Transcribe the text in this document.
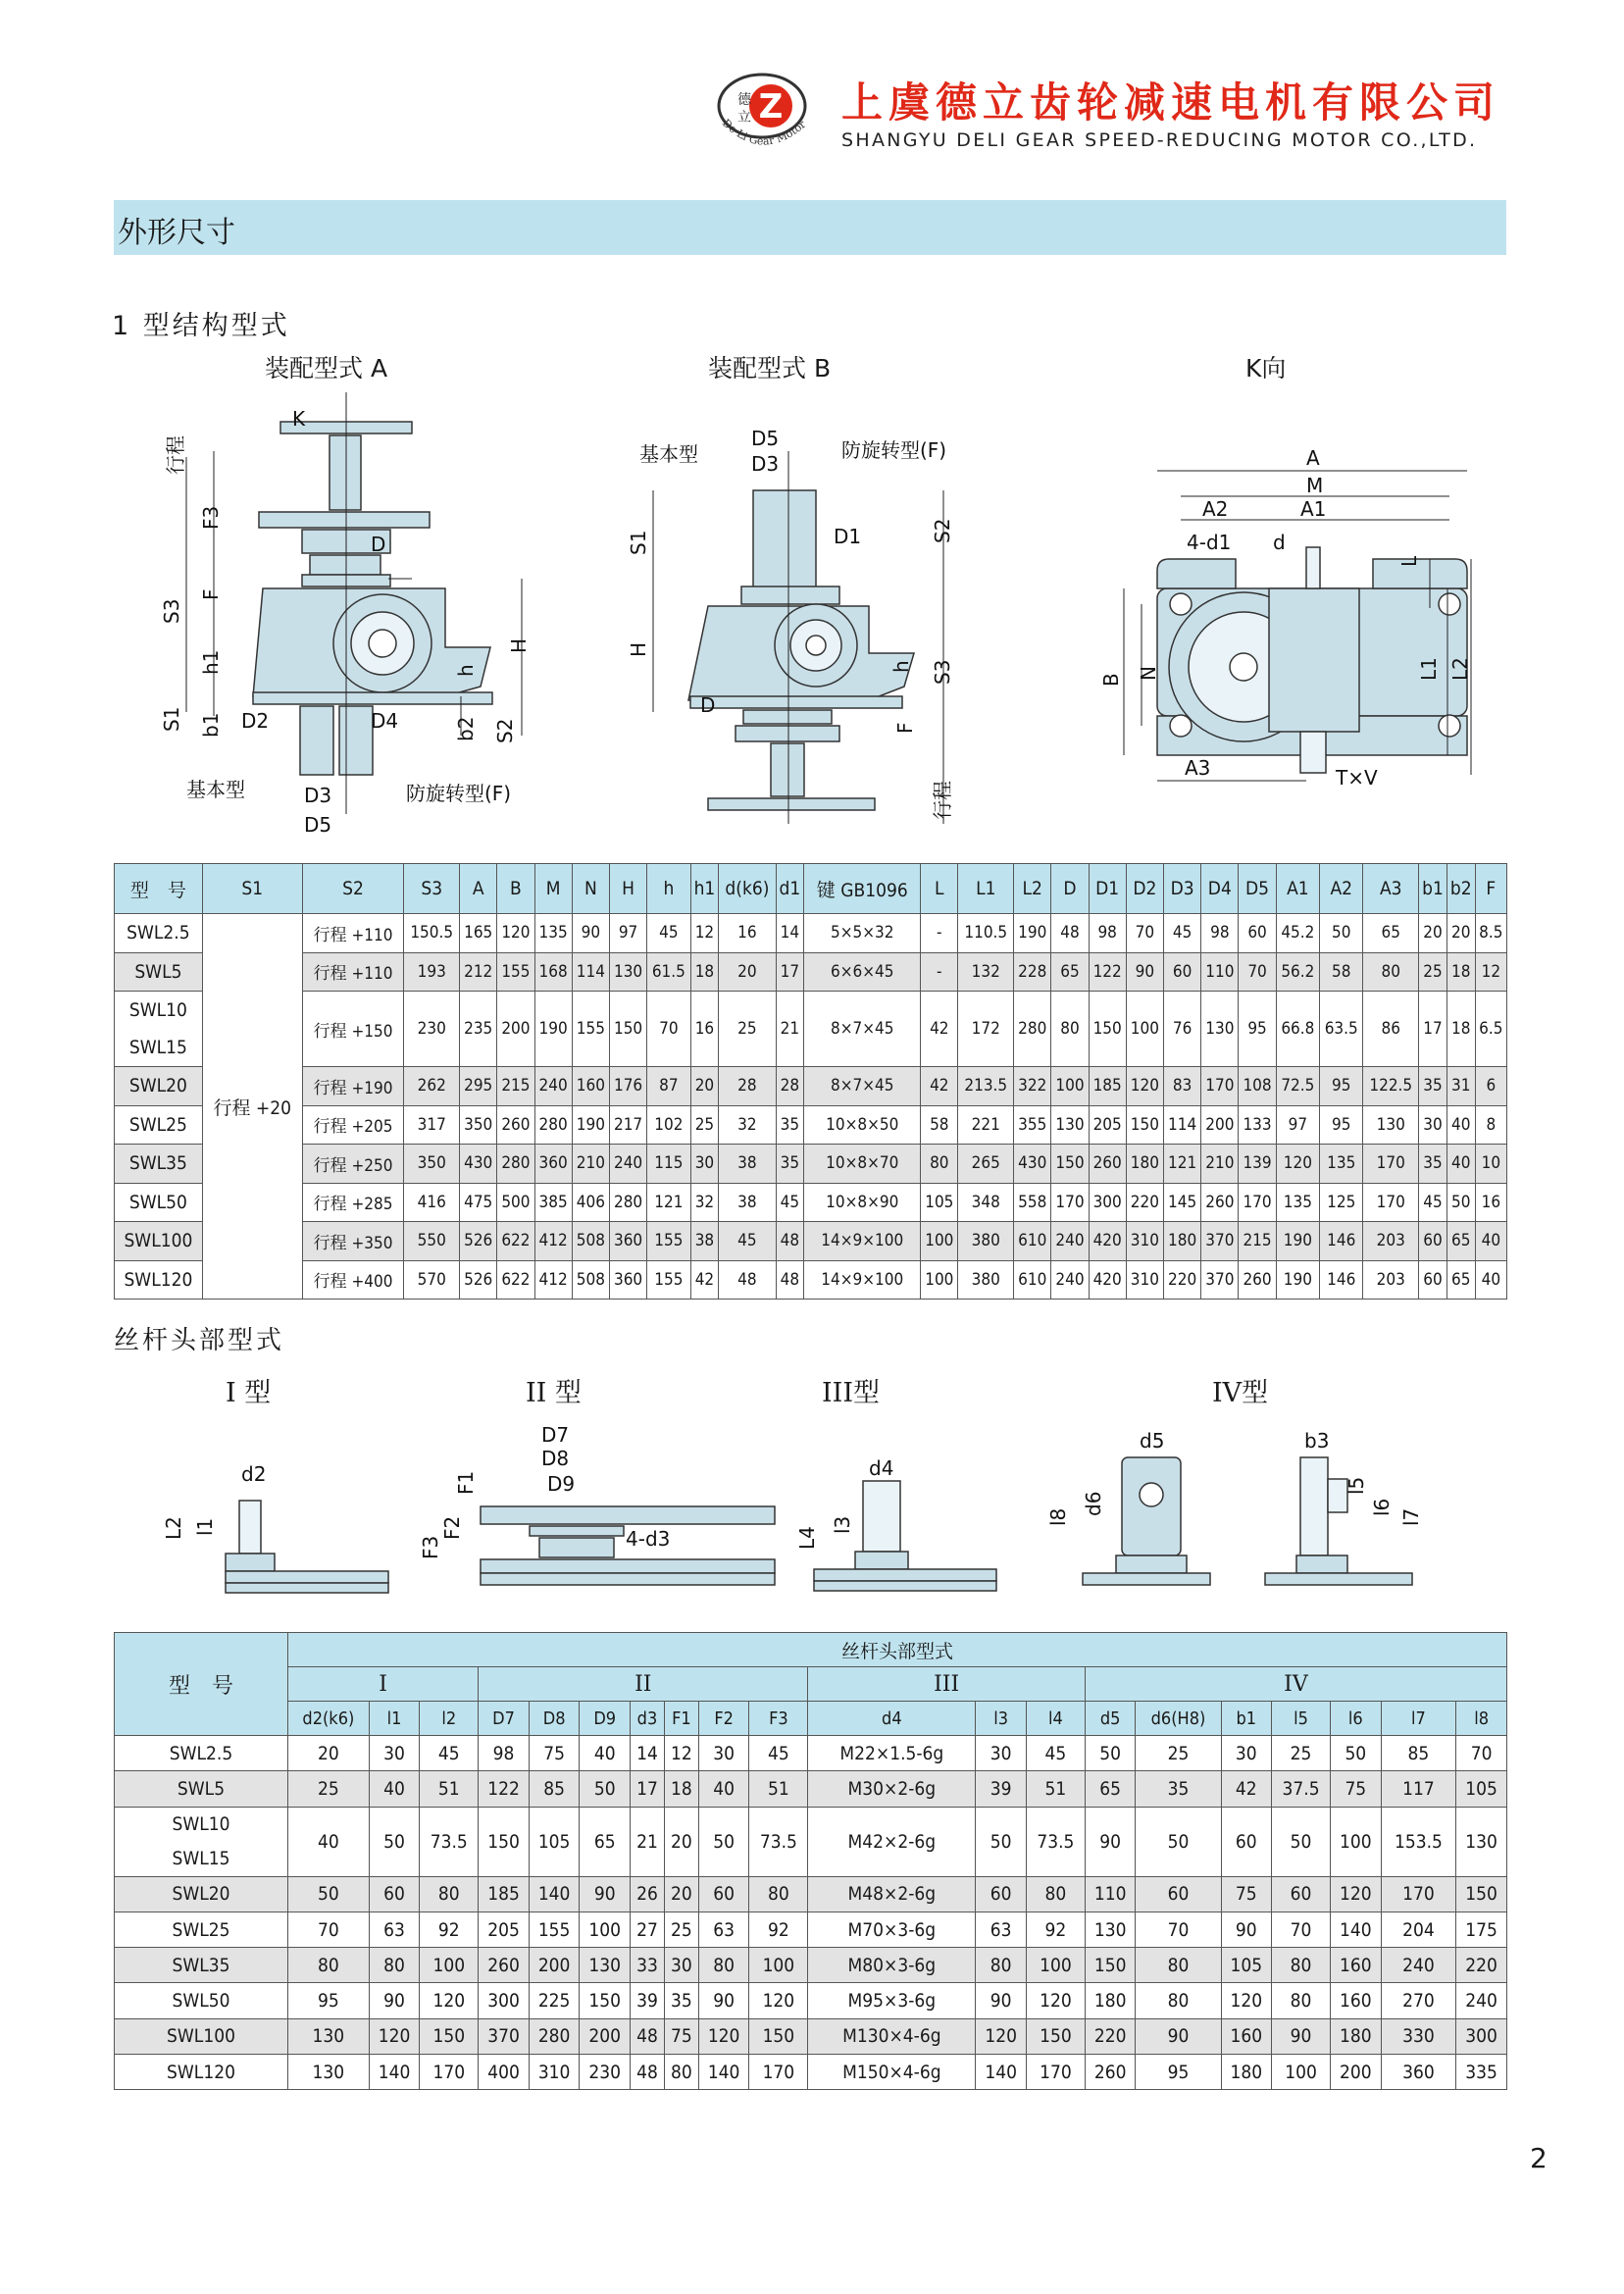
Z
德
立
De Li Gear Motor 上虞德立齿轮减速电机有限公司
SHANGYU DELI GEAR SPEED-REDUCING MOTOR CO.,LTD.
外形尺寸
1 型结构型式
装配型式 A	装配型式 B	K向
K
行程
F3
F
S3
h1
S1 b1
D
H
h
b2 S2
D2	D4
基本型	防旋转型(F)
D3
D5
基本型
D5
D3
防旋转型(F)
S1	D1	S2
H
h S3
D
F
行程
A
M
A2	A1
4-d1 d
L
B N	L1 L2
A3	T×V
型　号	S1	S2	S3	A	B	M	N	H	h	h1	d(k6)	d1	键 GB1096	L	L1	L2	D	D1	D2	D3	D4	D5	A1	A2	A3	b1	b2	F
SWL2.5	行程 +20	行程 +110	150.5	165	120	135	90	97	45	12	16	14	5×5×32	-	110.5	190	48	98	70	45	98	60	45.2	50	65	20	20	8.5
SWL5		行程 +110	193	212	155	168	114	130	61.5	18	20	17	6×6×45	-	132	228	65	122	90	60	110	70	56.2	58	80	25	18	12

SWL10
SWL15		行程 +150	230	235	200	190	155	150	70	16	25	21	8×7×45	42	172	280	80	150	100	76	130	95	66.8	63.5	86	17	18	6.5
SWL20		行程 +190	262	295	215	240	160	176	87	20	28	28	8×7×45	42	213.5	322	100	185	120	83	170	108	72.5	95	122.5	35	31	6
SWL25		行程 +205	317	350	260	280	190	217	102	25	32	35	10×8×50	58	221	355	130	205	150	114	200	133	97	95	130	30	40	8
SWL35		行程 +250	350	430	280	360	210	240	115	30	38	35	10×8×70	80	265	430	150	260	180	121	210	139	120	135	170	35	40	10
SWL50		行程 +285	416	475	500	385	406	280	121	32	38	45	10×8×90	105	348	558	170	300	220	145	260	170	135	125	170	45	50	16
SWL100		行程 +350	550	526	622	412	508	360	155	38	45	48	14×9×100	100	380	610	240	420	310	180	370	215	190	146	203	60	65	40
SWL120		行程 +400	570	526	622	412	508	360	155	42	48	48	14×9×100	100	380	610	240	420	310	220	370	260	190	146	203	60	65	40
丝杆头部型式
I 型	II 型	III型	IV型
d2
L2 l1
D7
D8
D9
F1
F2
F3	4-d3
d4
L4
l3
d5
l8
d6
b3
l5
l6
l7
型　号	丝杆头部型式																			
	I			II							III			IV						
	d2(k6)	l1	l2	D7	D8	D9	d3	F1	F2	F3	d4	l3	l4	d5	d6(H8)	b1	l5	l6	l7	l8
SWL2.5	20	30	45	98	75	40	14	12	30	45	M22×1.5-6g	30	45	50	25	30	25	50	85	70
SWL5	25	40	51	122	85	50	17	18	40	51	M30×2-6g	39	51	65	35	42	37.5	75	117	105

SWL10
SWL15	40	50	73.5	150	105	65	21	20	50	73.5	M42×2-6g	50	73.5	90	50	60	50	100	153.5	130
SWL20	50	60	80	185	140	90	26	20	60	80	M48×2-6g	60	80	110	60	75	60	120	170	150
SWL25	70	63	92	205	155	100	27	25	63	92	M70×3-6g	63	92	130	70	90	70	140	204	175
SWL35	80	80	100	260	200	130	33	30	80	100	M80×3-6g	80	100	150	80	105	80	160	240	220
SWL50	95	90	120	300	225	150	39	35	90	120	M95×3-6g	90	120	180	80	120	80	160	270	240
SWL100	130	120	150	370	280	200	48	75	120	150	M130×4-6g	120	150	220	90	160	90	180	330	300
SWL120	130	140	170	400	310	230	48	80	140	170	M150×4-6g	140	170	260	95	180	100	200	360	335
2
